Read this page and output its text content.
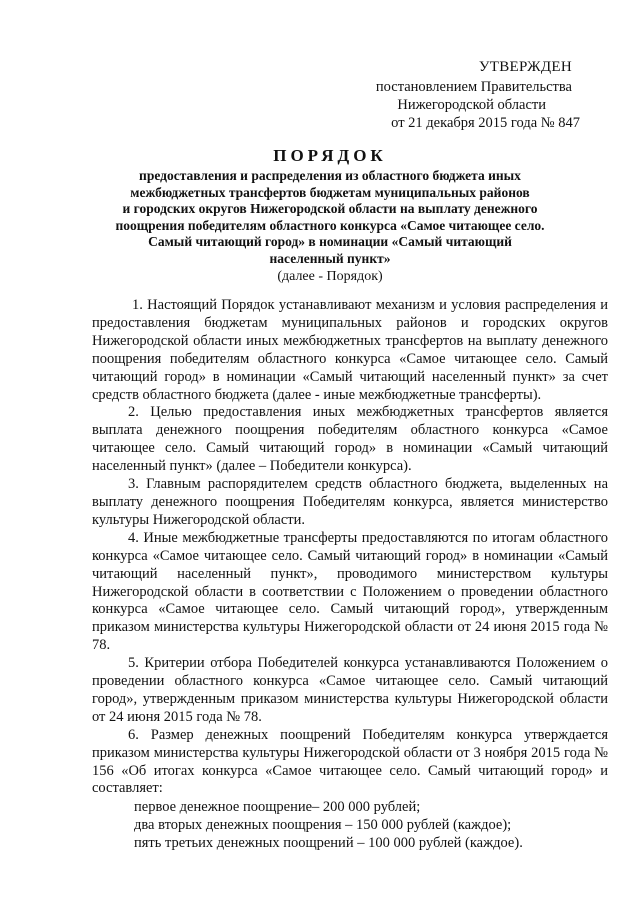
УТВЕРЖДЕН
постановлением Правительства
Нижегородской области
от 21 декабря 2015 года № 847
ПОРЯДОК
предоставления и распределения из областного бюджета иных
межбюджетных трансфертов бюджетам муниципальных районов
и городских округов Нижегородской области на выплату денежного
поощрения победителям областного конкурса «Самое читающее село.
Самый читающий город» в номинации «Самый читающий
населенный пункт»
(далее - Порядок)

1. Настоящий Порядок устанавливают механизм и условия распределения и предоставления бюджетам муниципальных районов и городских округов Нижегородской области иных межбюджетных трансфертов на выплату денежного поощрения победителям областного конкурса «Самое читающее село. Самый читающий город» в номинации «Самый читающий населенный пункт» за счет средств областного бюджета (далее - иные межбюджетные трансферты).

2. Целью предоставления иных межбюджетных трансфертов является выплата денежного поощрения победителям областного конкурса «Самое читающее село. Самый читающий город» в номинации «Самый читающий населенный пункт» (далее – Победители конкурса).

3. Главным распорядителем средств областного бюджета, выделенных на выплату денежного поощрения Победителям конкурса, является министерство культуры Нижегородской области.

4. Иные межбюджетные трансферты предоставляются по итогам областного конкурса «Самое читающее село. Самый читающий город» в номинации «Самый читающий населенный пункт», проводимого министерством культуры Нижегородской области в соответствии с Положением о проведении областного конкурса «Самое читающее село. Самый читающий город», утвержденным приказом министерства культуры Нижегородской области от 24 июня 2015 года № 78.

5. Критерии отбора Победителей конкурса устанавливаются Положением о проведении областного конкурса «Самое читающее село. Самый читающий город», утвержденным приказом министерства культуры Нижегородской области от 24 июня 2015 года № 78.

6. Размер денежных поощрений Победителям конкурса утверждается приказом министерства культуры Нижегородской области от 3 ноября 2015 года № 156 «Об итогах конкурса «Самое читающее село. Самый читающий город» и составляет:

первое денежное поощрение– 200 000 рублей;
два вторых денежных поощрения – 150 000 рублей (каждое);
пять третьих денежных поощрений – 100 000 рублей (каждое).
